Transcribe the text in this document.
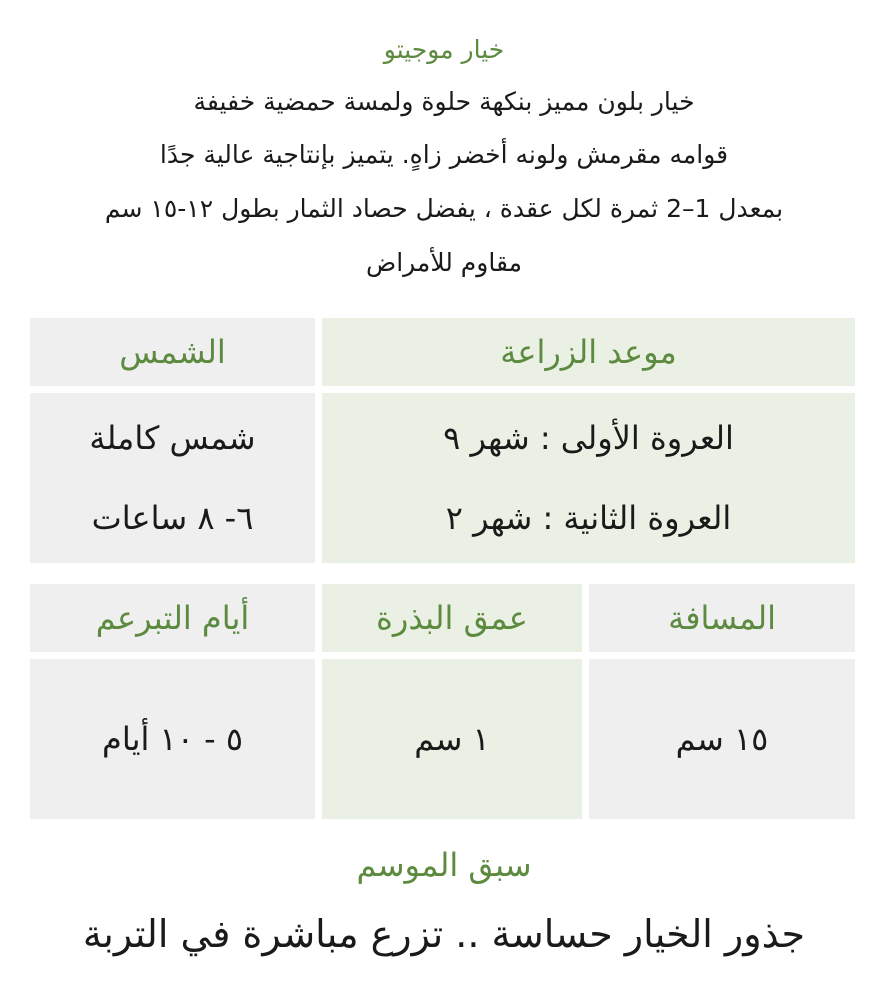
خيار موجيتو
خيار بلون مميز بنكهة حلوة ولمسة حمضية خفيفة
قوامه مقرمش ولونه أخضر زاهٍ. يتميز بإنتاجية عالية جدًا
بمعدل 1–2 ثمرة لكل عقدة ، يفضل حصاد الثمار بطول ١٢-١٥ سم
مقاوم للأمراض
موعد الزراعة
الشمس
العروة الأولى : شهر ٩
العروة الثانية : شهر ٢
شمس كاملة
٦- ٨ ساعات
المسافة
عمق البذرة
أيام التبرعم
١٥ سم
١ سم
٥ - ١٠ أيام
سبق الموسم
جذور الخيار حساسة .. تزرع مباشرة في التربة
